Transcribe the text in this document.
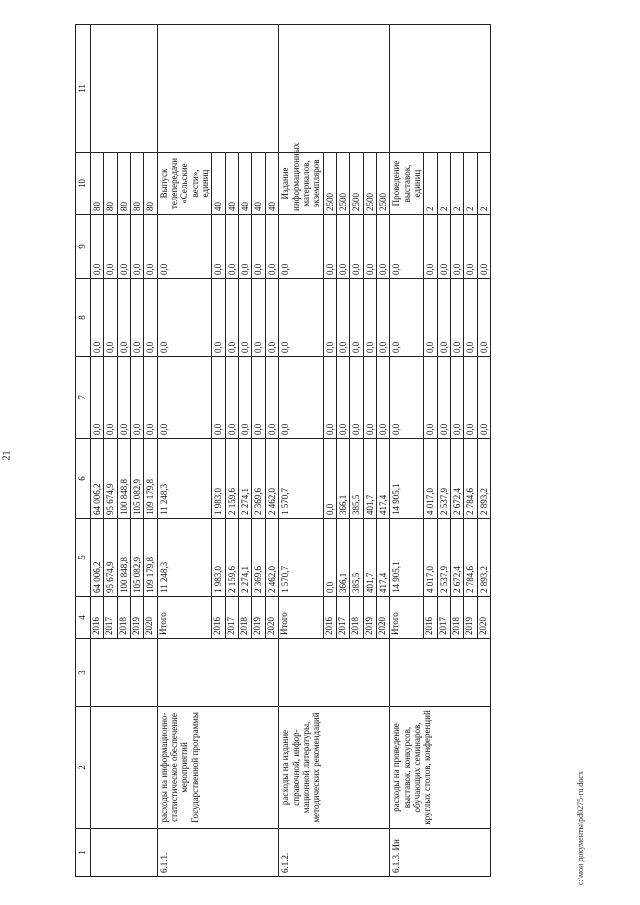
21
1	2	3	4	5	6	7	8	9	10	11
			2016	64 006,2	64 006,2	0,0	0,0	0,0	80	
			2017	95 674,9	95 674,9	0,0	0,0	0,0	80	
			2018	100 848,8	100 848,8	0,0	0,0	0,0	80	
			2019	105 082,9	105 082,9	0,0	0,0	0,0	80	
			2020	109 179,8	109 179,8	0,0	0,0	0,0	80	
6.1.1.	расходы на информационно-статистическое обеспечение мероприятий Государственной программы		Итого	11 248,3	11 248,3	0,0	0,0	0,0	Выпуск телепередачи «Сельские вести», единиц	
			2016	1 983,0	1 983,0	0,0	0,0	0,0	40	
			2017	2 159,6	2 159,6	0,0	0,0	0,0	40	
			2018	2 274,1	2 274,1	0,0	0,0	0,0	40	
			2019	2 369,6	2 369,6	0,0	0,0	0,0	40	
			2020	2 462,0	2 462,0	0,0	0,0	0,0	40	
6.1.2.	расходы на издание справочной, инфор-мационной литературы, методических рекомендаций		Итого	1 570,7	1 570,7	0,0	0,0	0,0	Издание информационных материалов, экземпляров	
			2016	0,0	0,0	0,0	0,0	0,0	2500	
			2017	366,1	366,1	0,0	0,0	0,0	2500	
			2018	385,5	385,5	0,0	0,0	0,0	2500	
			2019	401,7	401,7	0,0	0,0	0,0	2500	
			2020	417,4	417,4	0,0	0,0	0,0	2500	
6.1.3. Ин	расходы на проведение выставок, конкурсов, обучающих семинаров, круглых столов, конференций		Итого	14 905,1	14 905,1	0,0	0,0	0,0	Проведение выставок, единиц	
			2016	4 017,0	4 017,0	0,0	0,0	0,0	2	
			2017	2 537,9	2 537,9	0,0	0,0	0,0	2	
			2018	2 672,4	2 672,4	0,0	0,0	0,0	2	
			2019	2 784,6	2 784,6	0,0	0,0	0,0	2	
			2020	2 893,2	2 893,2	0,0	0,0	0,0	2	
c:\мои документы\pd0275-ru.docx
